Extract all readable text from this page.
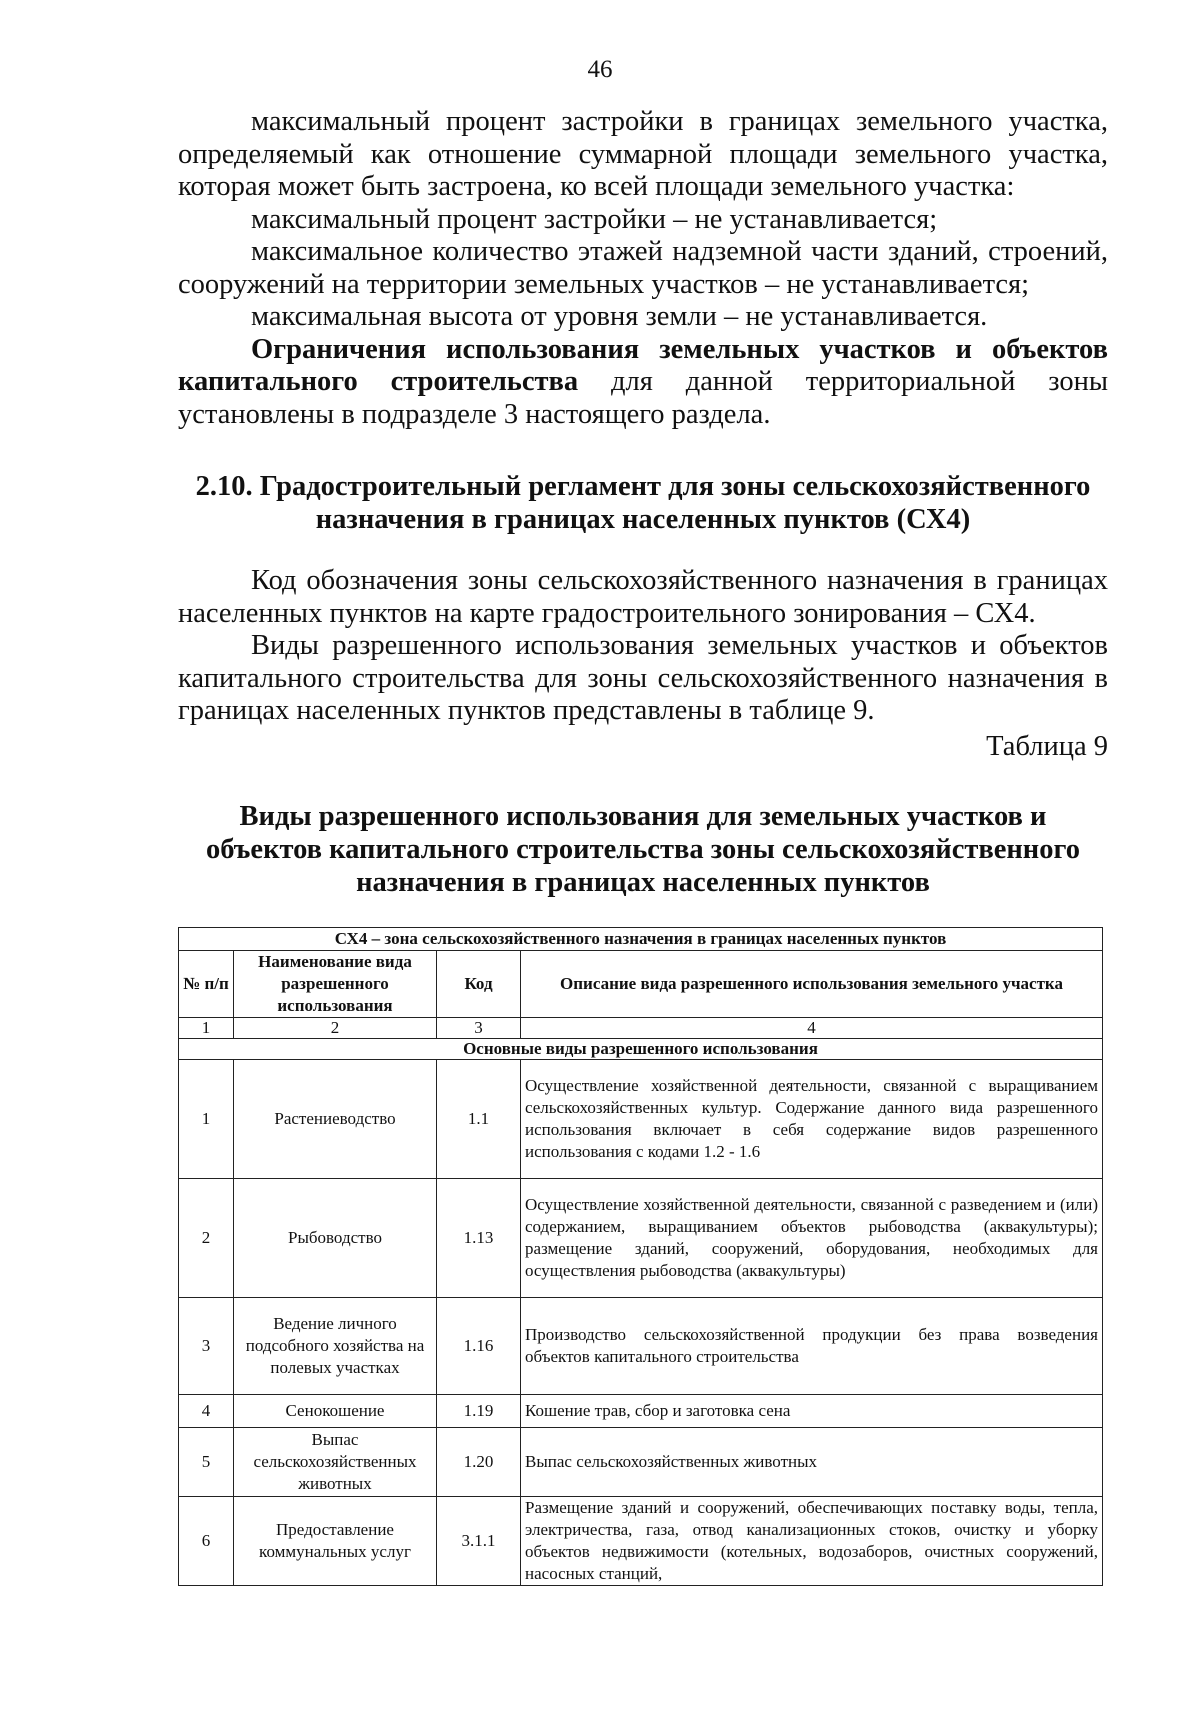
46

максимальный процент застройки в границах земельного участка, определяемый как отношение суммарной площади земельного участка, которая может быть застроена, ко всей площади земельного участка:

максимальный процент застройки – не устанавливается;

максимальное количество этажей надземной части зданий, строений, сооружений на территории земельных участков – не устанавливается;

максимальная высота от уровня земли – не устанавливается.

Ограничения использования земельных участков и объектов капитального строительства для данной территориальной зоны установлены в подразделе 3 настоящего раздела.

2.10. Градостроительный регламент для зоны сельскохозяйственного
назначения в границах населенных пунктов (СХ4)

Код обозначения зоны сельскохозяйственного назначения в границах населенных пунктов на карте градостроительного зонирования – СХ4.

Виды разрешенного использования земельных участков и объектов капитального строительства для зоны сельскохозяйственного назначения в границах населенных пунктов представлены в таблице 9.

Таблица 9
Виды разрешенного использования для земельных участков и
объектов капитального строительства зоны сельскохозяйственного
назначения в границах населенных пунктов
СХ4 – зона сельскохозяйственного назначения в границах населенных пунктов			
№ п/п	Наименование вида разрешенного использования	Код	Описание вида разрешенного использования земельного участка
1	2	3	4
Основные виды разрешенного использования			
1	Растениеводство	1.1	Осуществление хозяйственной деятельности, связанной с выращиванием сельскохозяйственных культур. Содержание данного вида разрешенного использования включает в себя содержание видов разрешенного использования с кодами 1.2 - 1.6
2	Рыбоводство	1.13	Осуществление хозяйственной деятельности, связанной с разведением и (или) содержанием, выращиванием объектов рыбоводства (аквакультуры); размещение зданий, сооружений, оборудования, необходимых для осуществления рыбоводства (аквакультуры)
3	Ведение личного подсобного хозяйства на полевых участках	1.16	Производство сельскохозяйственной продукции без права возведения объектов капитального строительства
4	Сенокошение	1.19	Кошение трав, сбор и заготовка сена
5	Выпас сельскохозяйственных животных	1.20	Выпас сельскохозяйственных животных
6	Предоставление коммунальных услуг	3.1.1	Размещение зданий и сооружений, обеспечивающих поставку воды, тепла, электричества, газа, отвод канализационных стоков, очистку и уборку объектов недвижимости (котельных, водозаборов, очистных сооружений, насосных станций,
